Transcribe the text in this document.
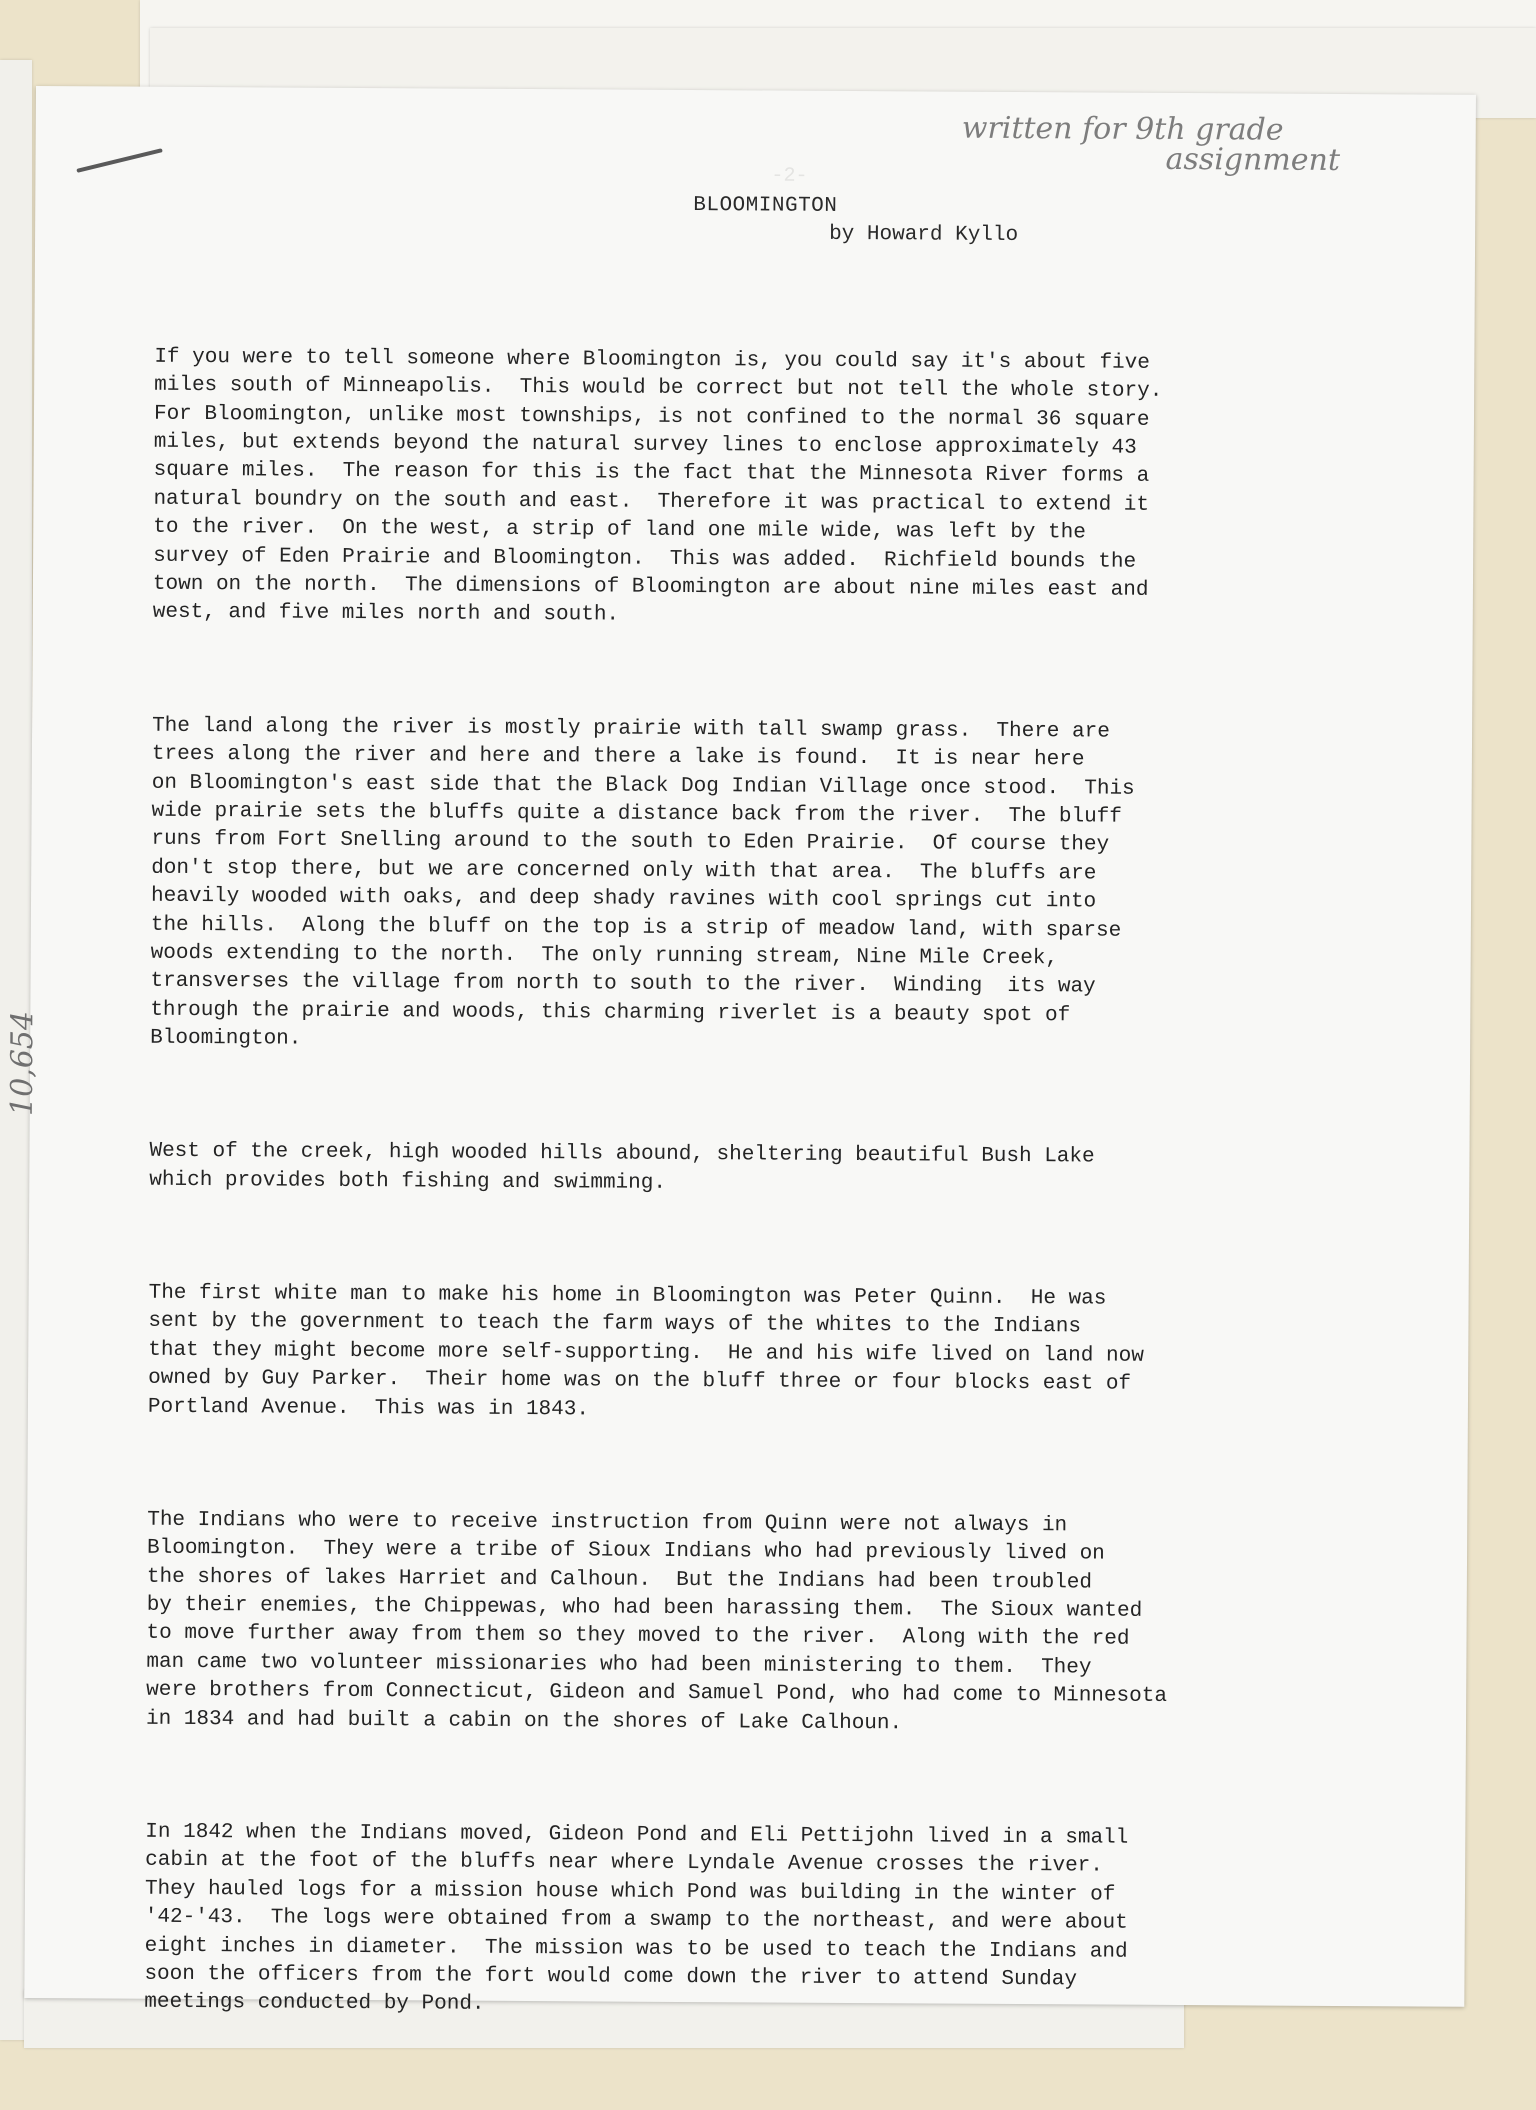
written for 9th grade
assignment
10,654
-2-
BLOOMINGTON
by Howard Kyllo

If you were to tell someone where Bloomington is, you could say it's about five
miles south of Minneapolis.  This would be correct but not tell the whole story.
For Bloomington, unlike most townships, is not confined to the normal 36 square
miles, but extends beyond the natural survey lines to enclose approximately 43
square miles.  The reason for this is the fact that the Minnesota River forms a
natural boundry on the south and east.  Therefore it was practical to extend it
to the river.  On the west, a strip of land one mile wide, was left by the
survey of Eden Prairie and Bloomington.  This was added.  Richfield bounds the
town on the north.  The dimensions of Bloomington are about nine miles east and
west, and five miles north and south.

The land along the river is mostly prairie with tall swamp grass.  There are
trees along the river and here and there a lake is found.  It is near here
on Bloomington's east side that the Black Dog Indian Village once stood.  This
wide prairie sets the bluffs quite a distance back from the river.  The bluff
runs from Fort Snelling around to the south to Eden Prairie.  Of course they
don't stop there, but we are concerned only with that area.  The bluffs are
heavily wooded with oaks, and deep shady ravines with cool springs cut into
the hills.  Along the bluff on the top is a strip of meadow land, with sparse
woods extending to the north.  The only running stream, Nine Mile Creek,
transverses the village from north to south to the river.  Winding  its way
through the prairie and woods, this charming riverlet is a beauty spot of
Bloomington.

West of the creek, high wooded hills abound, sheltering beautiful Bush Lake
which provides both fishing and swimming.

The first white man to make his home in Bloomington was Peter Quinn.  He was
sent by the government to teach the farm ways of the whites to the Indians
that they might become more self-supporting.  He and his wife lived on land now
owned by Guy Parker.  Their home was on the bluff three or four blocks east of
Portland Avenue.  This was in 1843.

The Indians who were to receive instruction from Quinn were not always in
Bloomington.  They were a tribe of Sioux Indians who had previously lived on
the shores of lakes Harriet and Calhoun.  But the Indians had been troubled
by their enemies, the Chippewas, who had been harassing them.  The Sioux wanted
to move further away from them so they moved to the river.  Along with the red
man came two volunteer missionaries who had been ministering to them.  They
were brothers from Connecticut, Gideon and Samuel Pond, who had come to Minnesota
in 1834 and had built a cabin on the shores of Lake Calhoun.

In 1842 when the Indians moved, Gideon Pond and Eli Pettijohn lived in a small
cabin at the foot of the bluffs near where Lyndale Avenue crosses the river.
They hauled logs for a mission house which Pond was building in the winter of
'42-'43.  The logs were obtained from a swamp to the northeast, and were about
eight inches in diameter.  The mission was to be used to teach the Indians and
soon the officers from the fort would come down the river to attend Sunday
meetings conducted by Pond.
